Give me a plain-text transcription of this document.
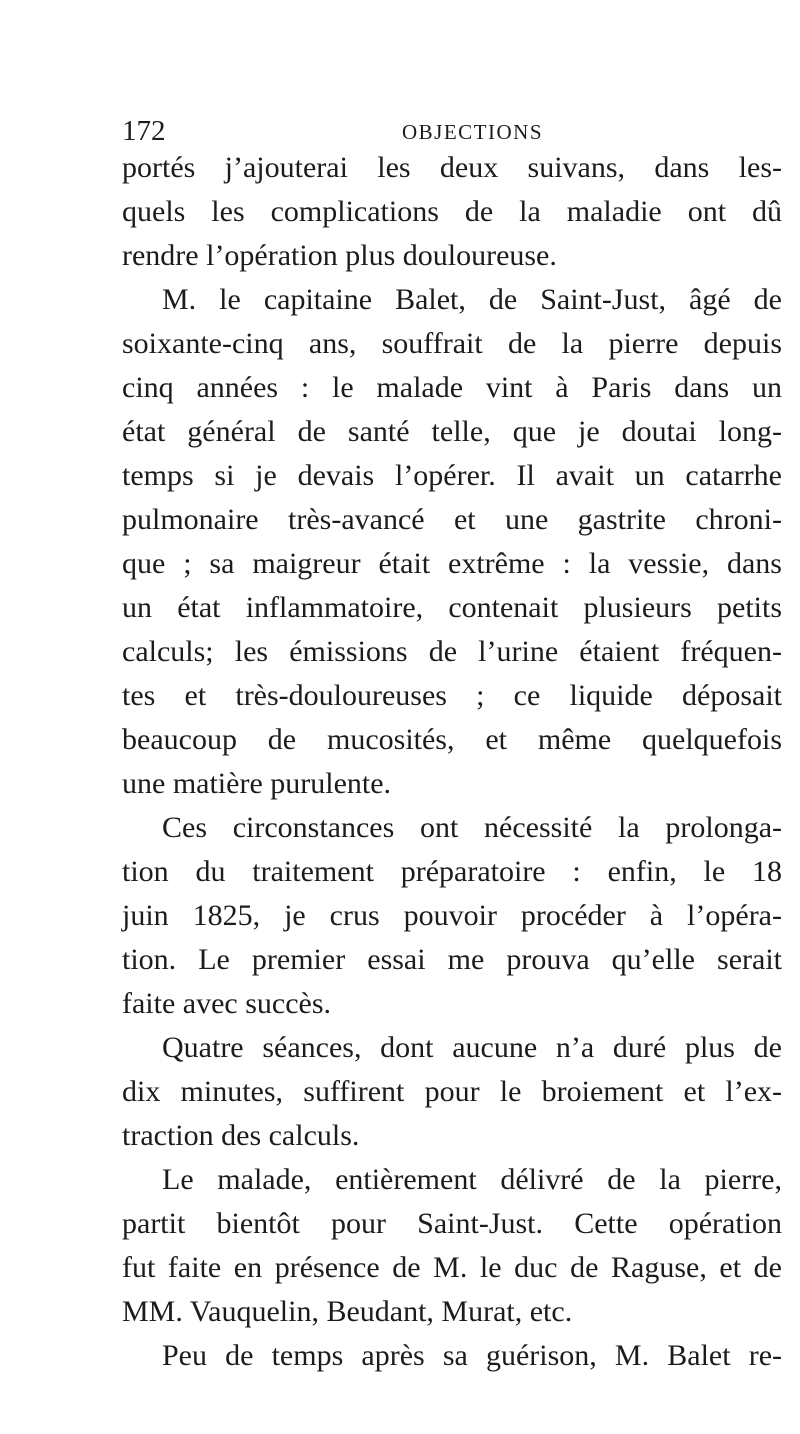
172	OBJECTIONS
portés j’ajouterai les deux suivans, dans les-
quels les complications de la maladie ont dû
rendre l’opération plus douloureuse.
M. le capitaine Balet, de Saint-Just, âgé de
soixante-cinq ans, souffrait de la pierre depuis
cinq années : le malade vint à Paris dans un
état général de santé telle, que je doutai long-
temps si je devais l’opérer. Il avait un catarrhe
pulmonaire très-avancé et une gastrite chroni-
que ; sa maigreur était extrême : la vessie, dans
un état inflammatoire, contenait plusieurs petits
calculs; les émissions de l’urine étaient fréquen-
tes et très-douloureuses ; ce liquide déposait
beaucoup de mucosités, et même quelquefois
une matière purulente.
Ces circonstances ont nécessité la prolonga-
tion du traitement préparatoire : enfin, le 18
juin 1825, je crus pouvoir procéder à l’opéra-
tion. Le premier essai me prouva qu’elle serait
faite avec succès.
Quatre séances, dont aucune n’a duré plus de
dix minutes, suffirent pour le broiement et l’ex-
traction des calculs.
Le malade, entièrement délivré de la pierre,
partit bientôt pour Saint-Just. Cette opération
fut faite en présence de M. le duc de Raguse, et de
MM. Vauquelin, Beudant, Murat, etc.
Peu de temps après sa guérison, M. Balet re-
